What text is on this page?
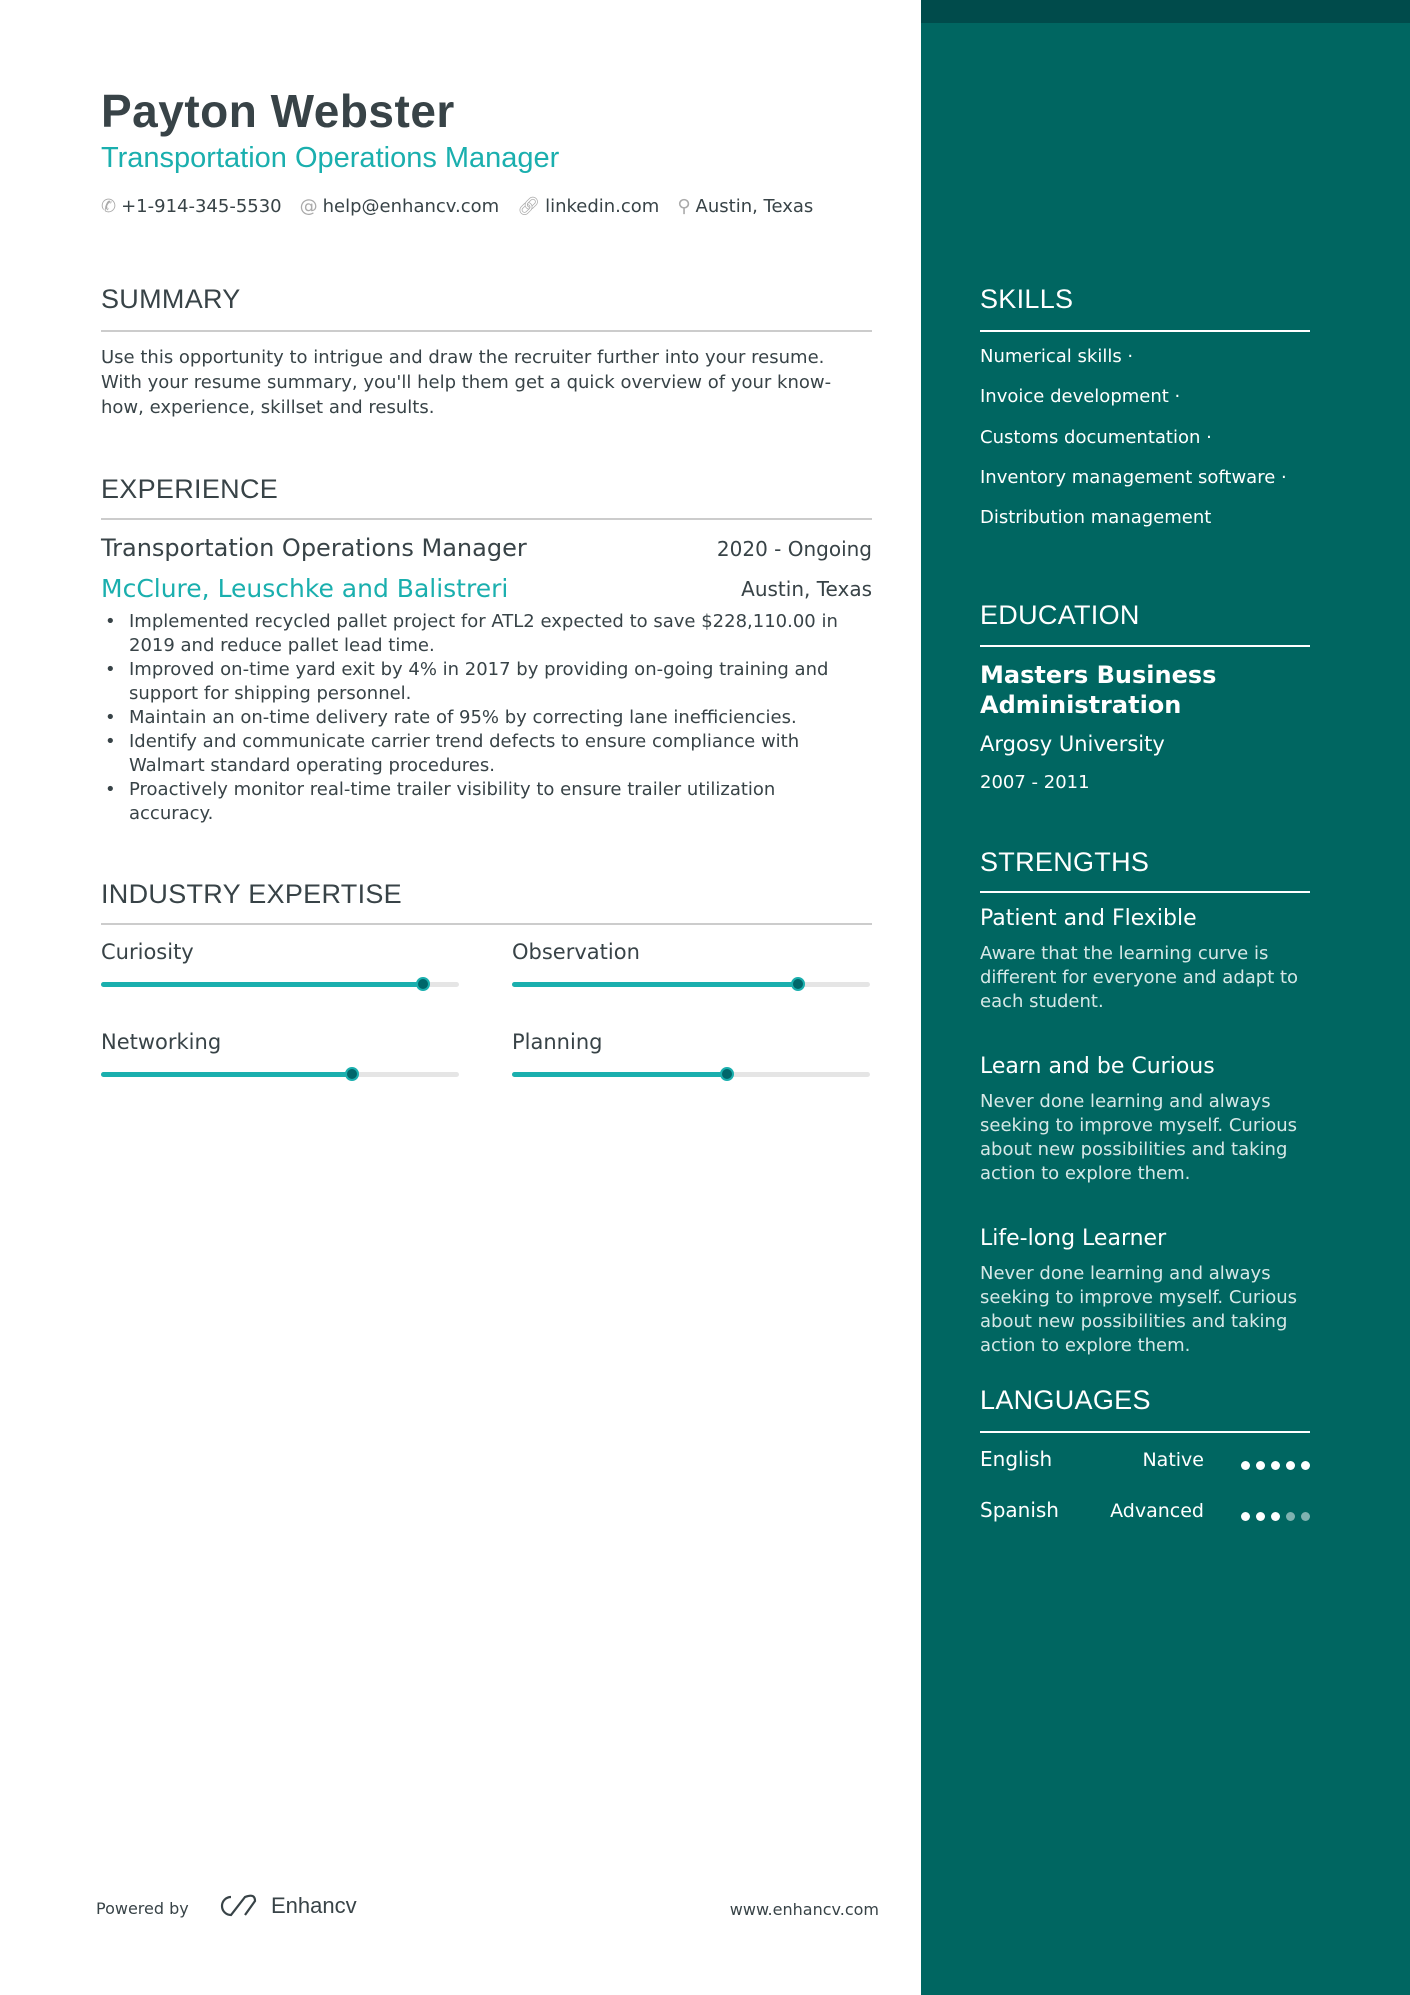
Payton Webster
Transportation Operations Manager
✆ +1-914-345-5530 @ help@enhancv.com 🔗︎ linkedin.com ⚲ Austin, Texas
SUMMARY
Use this opportunity to intrigue and draw the recruiter further into your resume.
With your resume summary, you'll help them get a quick overview of your know-
how, experience, skillset and results.
EXPERIENCE
Transportation Operations Manager	2020 - Ongoing
McClure, Leuschke and Balistreri	Austin, Texas
• Implemented recycled pallet project for ATL2 expected to save $228,110.00 in
2019 and reduce pallet lead time.
• Improved on-time yard exit by 4% in 2017 by providing on-going training and
support for shipping personnel.
• Maintain an on-time delivery rate of 95% by correcting lane inefficiencies.
• Identify and communicate carrier trend defects to ensure compliance with
Walmart standard operating procedures.
• Proactively monitor real-time trailer visibility to ensure trailer utilization
accuracy.
INDUSTRY EXPERTISE
Curiosity	Observation
Networking	Planning
Powered by	Enhancv	www.enhancv.com
SKILLS
Numerical skills ·
Invoice development ·
Customs documentation ·
Inventory management software ·
Distribution management
EDUCATION
Masters Business
Administration
Argosy University
2007 - 2011
STRENGTHS
Patient and Flexible
Aware that the learning curve is
different for everyone and adapt to
each student.
Learn and be Curious
Never done learning and always
seeking to improve myself. Curious
about new possibilities and taking
action to explore them.
Life-long Learner
Never done learning and always
seeking to improve myself. Curious
about new possibilities and taking
action to explore them.
LANGUAGES
English	Native
Spanish	Advanced
